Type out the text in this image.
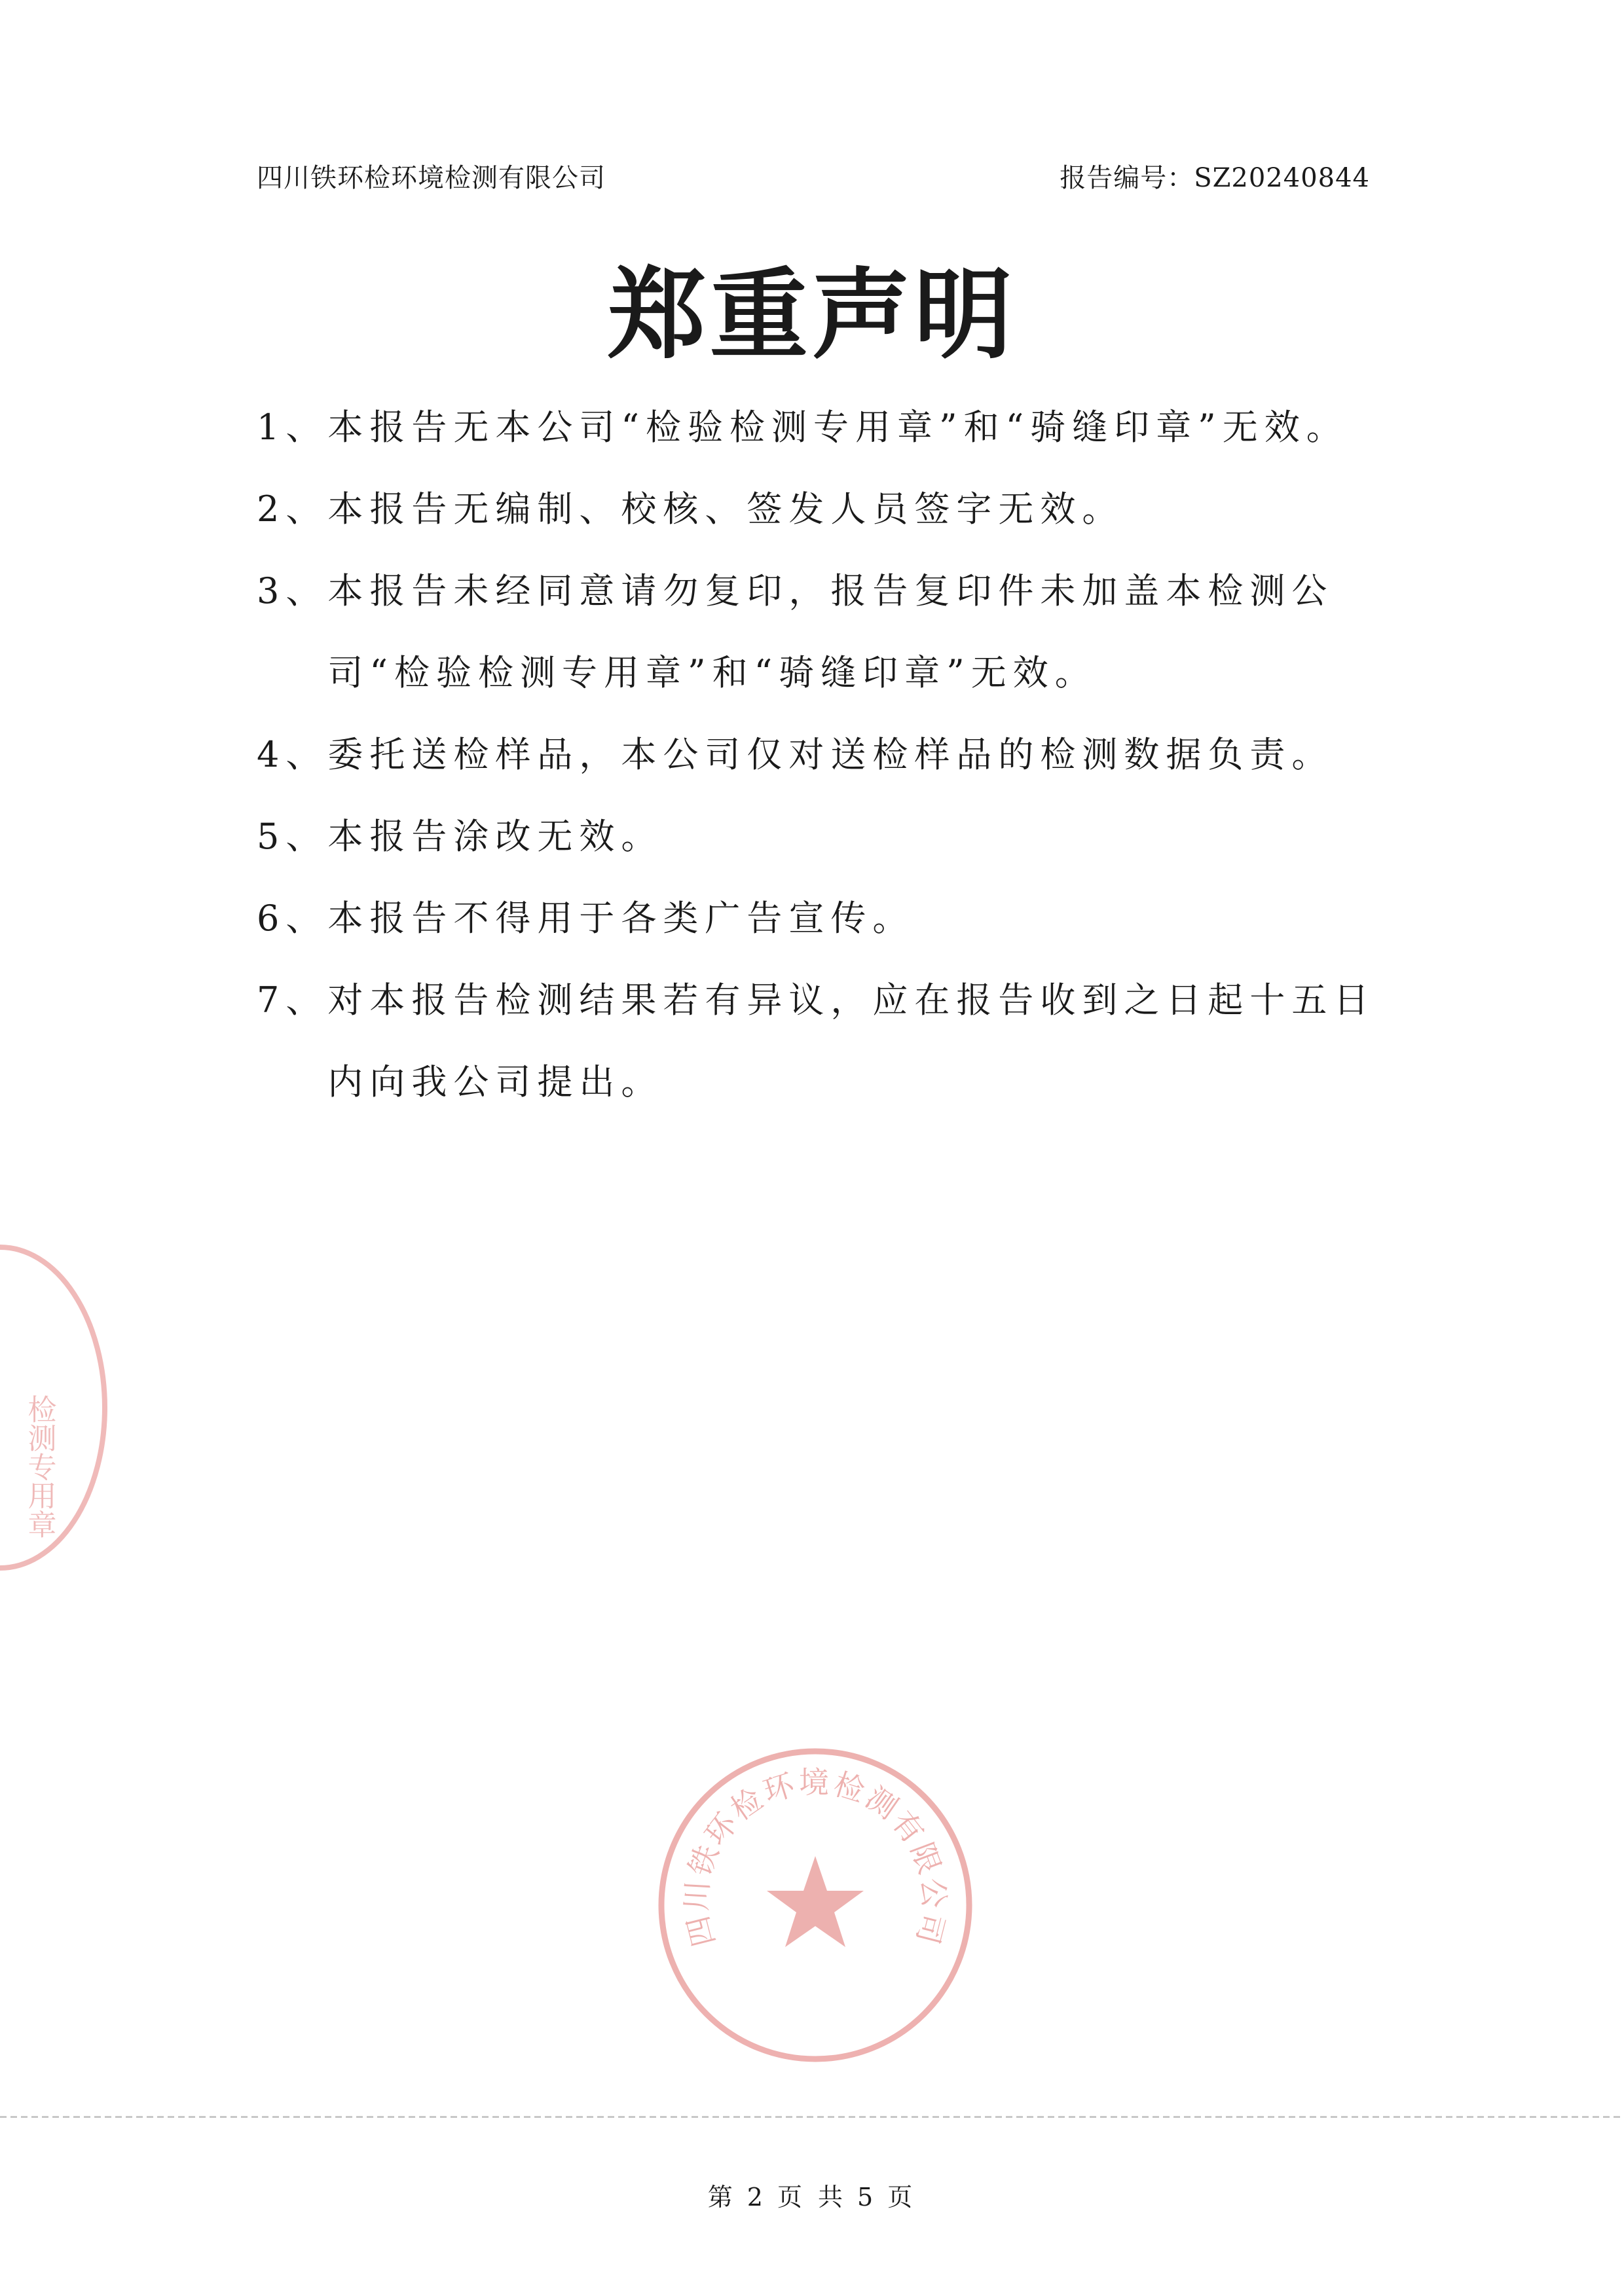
四川铁环检环境检测有限公司	报告编号：SZ20240844
郑重声明
1、 本报告无本公司“检验检测专用章”和“骑缝印章”无效。
2、 本报告无编制、校核、签发人员签字无效。
3、 本报告未经同意请勿复印，报告复印件未加盖本检测公司“检验检测专用章”和“骑缝印章”无效。
4、 委托送检样品，本公司仅对送检样品的检测数据负责。
5、 本报告涂改无效。
6、 本报告不得用于各类广告宣传。
7、 对本报告检测结果若有异议，应在报告收到之日起十五日内向我公司提出。
四川铁环检环境检测有限公司
检测专用章
第 2 页 共 5 页
